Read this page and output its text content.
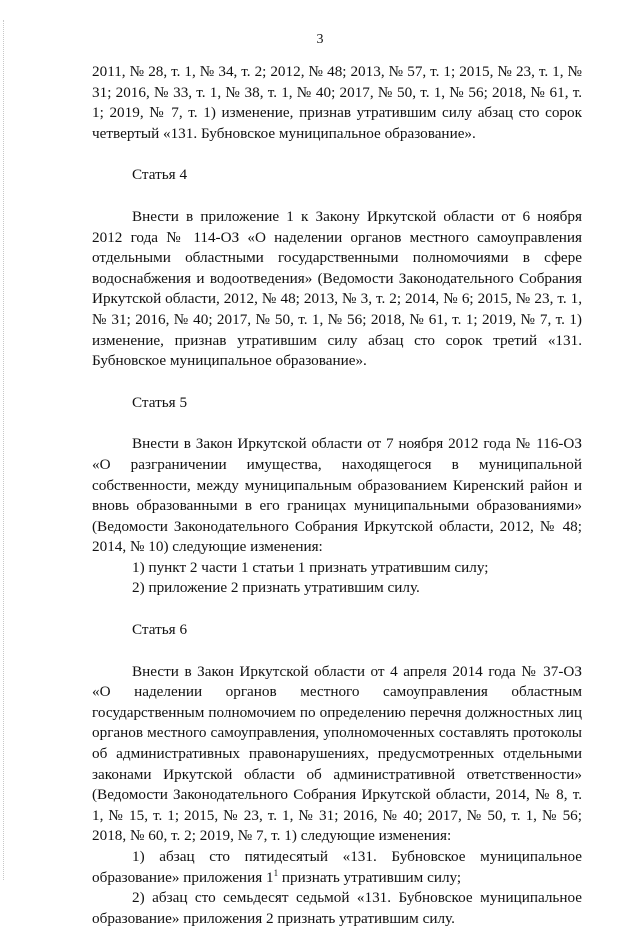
3

2011, № 28, т. 1, № 34, т. 2; 2012, № 48; 2013, № 57, т. 1; 2015, № 23, т. 1, № 31; 2016, № 33, т. 1, № 38, т. 1, № 40; 2017, № 50, т. 1, № 56; 2018, № 61, т. 1; 2019, № 7, т. 1) изменение, признав утратившим силу абзац сто сорок четвертый «131. Бубновское муниципальное образование».

Статья 4

Внести в приложение 1 к Закону Иркутской области от 6 ноября 2012 года № 114-ОЗ «О наделении органов местного самоуправления отдельными областными государственными полномочиями в сфере водоснабжения и водоотведения» (Ведомости Законодательного Собрания Иркутской области, 2012, № 48; 2013, № 3, т. 2; 2014, № 6; 2015, № 23, т. 1, № 31; 2016, № 40; 2017, № 50, т. 1, № 56; 2018, № 61, т. 1; 2019, № 7, т. 1) изменение, признав утратившим силу абзац сто сорок третий «131. Бубновское муниципальное образование».

Статья 5

Внести в Закон Иркутской области от 7 ноября 2012 года № 116-ОЗ «О разграничении имущества, находящегося в муниципальной собственности, между муниципальным образованием Киренский район и вновь образованными в его границах муниципальными образованиями» (Ведомости Законодательного Собрания Иркутской области, 2012, № 48; 2014, № 10) следующие изменения:

1) пункт 2 части 1 статьи 1 признать утратившим силу;

2) приложение 2 признать утратившим силу.

Статья 6

Внести в Закон Иркутской области от 4 апреля 2014 года № 37-ОЗ «О наделении органов местного самоуправления областным государственным полномочием по определению перечня должностных лиц органов местного самоуправления, уполномоченных составлять протоколы об административных правонарушениях, предусмотренных отдельными законами Иркутской области об административной ответственности» (Ведомости Законодательного Собрания Иркутской области, 2014, № 8, т. 1, № 15, т. 1; 2015, № 23, т. 1, № 31; 2016, № 40; 2017, № 50, т. 1, № 56; 2018, № 60, т. 2; 2019, № 7, т. 1) следующие изменения:

1) абзац сто пятидесятый «131. Бубновское муниципальное образование» приложения $1^1$ признать утратившим силу;

2) абзац сто семьдесят седьмой «131. Бубновское муниципальное образование» приложения 2 признать утратившим силу.
